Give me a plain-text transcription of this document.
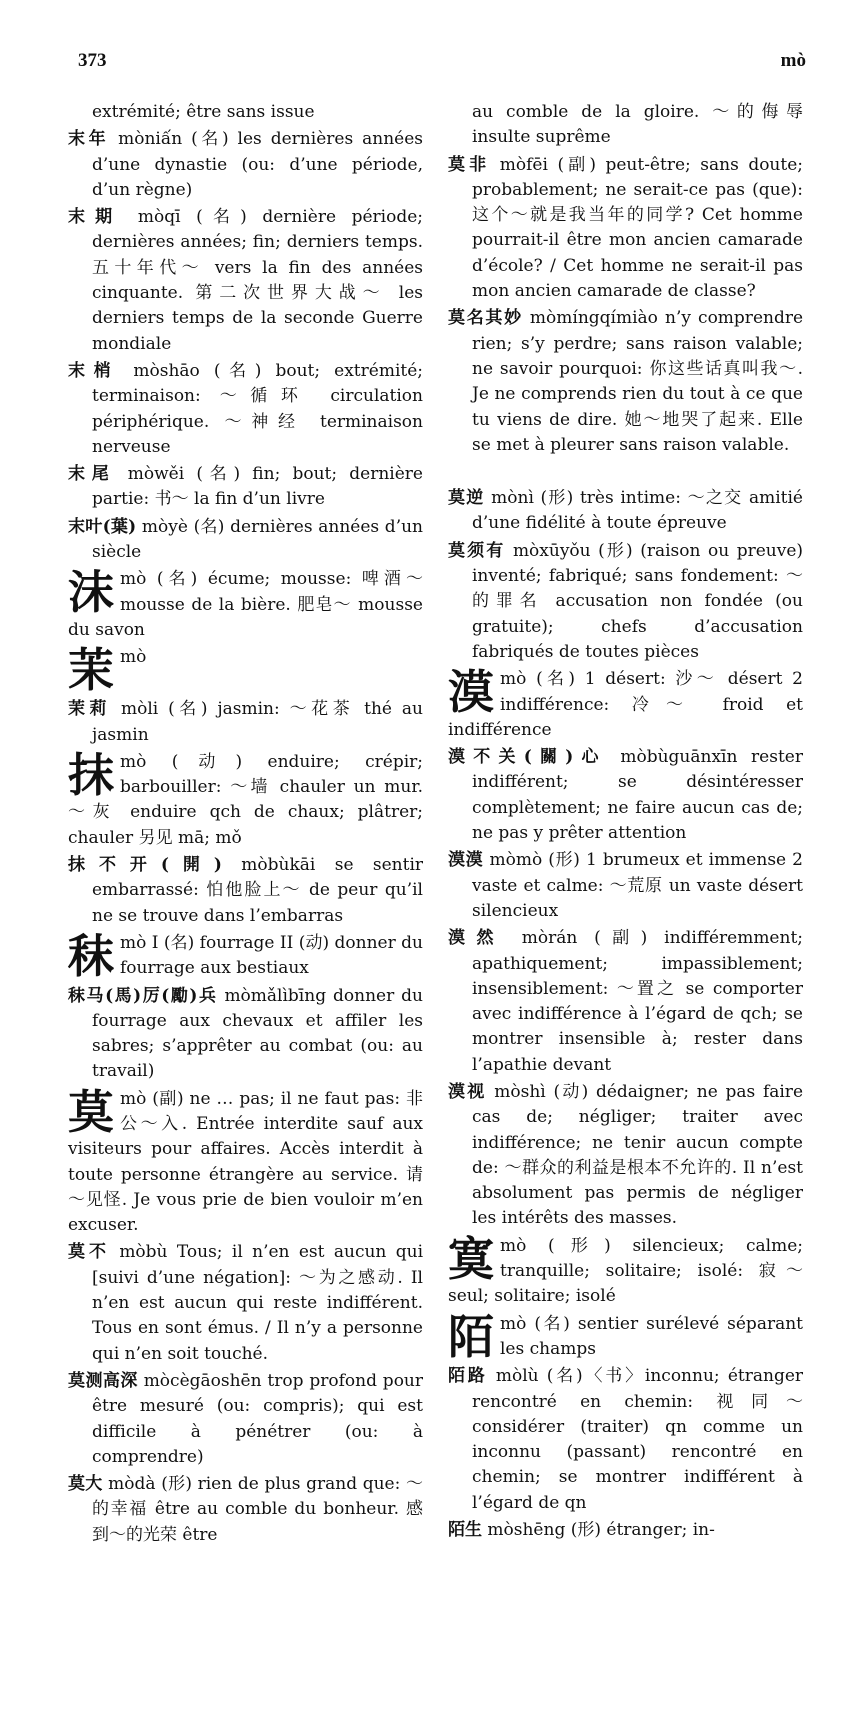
373	mò

extrémité; être sans issue

末年 mòniấn (名) les dernières années d’une dynastie (ou: d’une période, d’un règne)

末期 mòqī (名) dernière période; dernières années; fin; derniers temps. 五十年代～ vers la fin des années cinquante. 第二次世界大战～ les derniers temps de la seconde Guerre mondiale

末梢 mòshāo (名) bout; extrémité; terminaison: ～循环 circulation périphérique. ～神经 terminaison nerveuse

末尾 mòwěi (名) fin; bout; dernière partie: 书～ la fin d’un livre

末叶(葉) mòyè (名) dernières années d’un siècle

沫 mò (名) écume; mousse: 啤酒～ mousse de la bière. 肥皂～ mousse du savon
茉 mò

茉莉 mòli (名) jasmin: ～花茶 thé au jasmin

抹 mò (动) enduire; crépir; barbouiller: ～墙 chauler un mur. ～灰 enduire qch de chaux; plâtrer; chauler 另见 mā; mǒ

抹不开(開) mòbùkāi se sentir embarrassé: 怕他脸上～ de peur qu’il ne se trouve dans l’embarras

秣 mò I (名) fourrage II (动) donner du fourrage aux bestiaux

秣马(馬)厉(勵)兵 mòmǎlìbīng donner du fourrage aux chevaux et affiler les sabres; s’apprêter au combat (ou: au travail)

莫 mò (副) ne … pas; il ne faut pas: 非公～入. Entrée interdite sauf aux visiteurs pour affaires. Accès interdit à toute personne étrangère au service. 请～见怪. Je vous prie de bien vouloir m’en excuser.

莫不 mòbù Tous; il n’en est aucun qui [suivi d’une négation]: ～为之感动. Il n’en est aucun qui reste indifférent. Tous en sont émus. / Il n’y a personne qui n’en soit touché.

莫测高深 mòcègāoshēn trop profond pour être mesuré (ou: compris); qui est difficile à pénétrer (ou: à comprendre)

莫大 mòdà (形) rien de plus grand que: ～的幸福 être au comble du bonheur. 感到～的光荣 être

au comble de la gloire. ～的侮辱 insulte suprême

莫非 mòfēi (副) peut-être; sans doute; probablement; ne serait-ce pas (que): 这个～就是我当年的同学? Cet homme pourrait-il être mon ancien camarade d’école? / Cet homme ne serait-il pas mon ancien camarade de classe?

莫名其妙 mòmíngqímiào n’y comprendre rien; s’y perdre; sans raison valable; ne savoir pourquoi: 你这些话真叫我～. Je ne comprends rien du tout à ce que tu viens de dire. 她～地哭了起来. Elle se met à pleurer sans raison valable.

莫逆 mònì (形) très intime: ～之交 amitié d’une fidélité à toute épreuve

莫须有 mòxūyǒu (形) (raison ou preuve) inventé; fabriqué; sans fondement: ～的罪名 accusation non fondée (ou gratuite); chefs d’accusation fabriqués de toutes pièces

漠 mò (名) 1 désert: 沙～ désert 2 indifférence: 冷～ froid et indifférence

漠不关(關)心 mòbùguānxīn rester indifférent; se désintéresser complètement; ne faire aucun cas de; ne pas y prêter attention

漠漠 mòmò (形) 1 brumeux et immense 2 vaste et calme: ～荒原 un vaste désert silencieux

漠然 mòrán (副) indifféremment; apathiquement; impassiblement; insensiblement: ～置之 se comporter avec indifférence à l’égard de qch; se montrer insensible à; rester dans l’apathie devant

漠视 mòshì (动) dédaigner; ne pas faire cas de; négliger; traiter avec indifférence; ne tenir aucun compte de: ～群众的利益是根本不允许的. Il n’est absolument pas permis de négliger les intérêts des masses.

寞 mò (形) silencieux; calme; tranquille; solitaire; isolé: 寂～ seul; solitaire; isolé
陌 mò (名) sentier surélevé séparant les champs

陌路 mòlù (名)〈书〉inconnu; étranger rencontré en chemin: 视同～ considérer (traiter) qn comme un inconnu (passant) rencontré en chemin; se montrer indifférent à l’égard de qn

陌生 mòshēng (形) étranger; in-
